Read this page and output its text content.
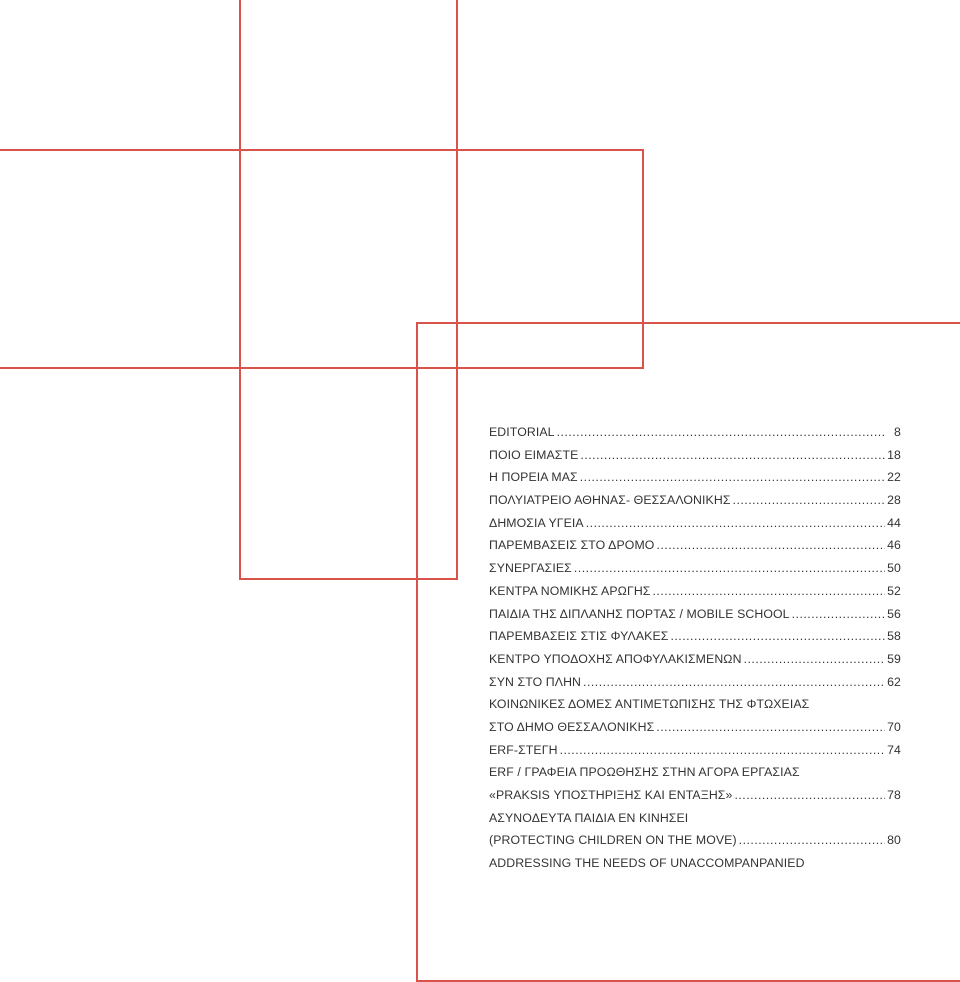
EDITORIAL .....	8
ΠΟΙΟ ΕΙΜΑΣΤΕ .....	18
Η ΠΟΡΕΙΑ ΜΑΣ .....	22
ΠΟΛΥΙΑΤΡΕΙΟ ΑΘΗΝΑΣ- ΘΕΣΣΑΛΟΝΙΚΗΣ .....	28
ΔΗΜΟΣΙΑ ΥΓΕΙΑ .....	44
ΠΑΡΕΜΒΑΣΕΙΣ ΣΤΟ ΔΡΟΜΟ .....	46
ΣΥΝΕΡΓΑΣΙΕΣ .....	50
ΚΕΝΤΡΑ ΝΟΜΙΚΗΣ ΑΡΩΓΗΣ .....	52
ΠΑΙΔΙΑ ΤΗΣ ΔΙΠΛΑΝΗΣ ΠΟΡΤΑΣ / MOBILE SCHOOL .....	56
ΠΑΡΕΜΒΑΣΕΙΣ ΣΤΙΣ ΦΥΛΑΚΕΣ .....	58
ΚΕΝΤΡΟ ΥΠΟΔΟΧΗΣ ΑΠΟΦΥΛΑΚΙΣΜΕΝΩΝ .....	59
ΣΥΝ ΣΤΟ ΠΛΗΝ .....	62
ΚΟΙΝΩΝΙΚΕΣ ΔΟΜΕΣ ΑΝΤΙΜΕΤΩΠΙΣΗΣ ΤΗΣ ΦΤΩΧΕΙΑΣ
ΣΤΟ ΔΗΜΟ ΘΕΣΣΑΛΟΝΙΚΗΣ .....	70
ERF-ΣΤΕΓΗ .....	74
ERF / ΓΡΑΦΕΙΑ ΠΡΟΩΘΗΣΗΣ ΣΤΗΝ ΑΓΟΡΑ ΕΡΓΑΣΙΑΣ
«PRAKSIS ΥΠΟΣΤΗΡΙΞΗΣ ΚΑΙ ΕΝΤΑΞΗΣ» .....	78
ΑΣΥΝΟΔΕΥΤΑ ΠΑΙΔΙΑ ΕΝ ΚΙΝΗΣΕΙ
(PROTECTING CHILDREN ON THE MOVE) .....	80
ADDRESSING THE NEEDS OF UNACCOMPANPANIED
